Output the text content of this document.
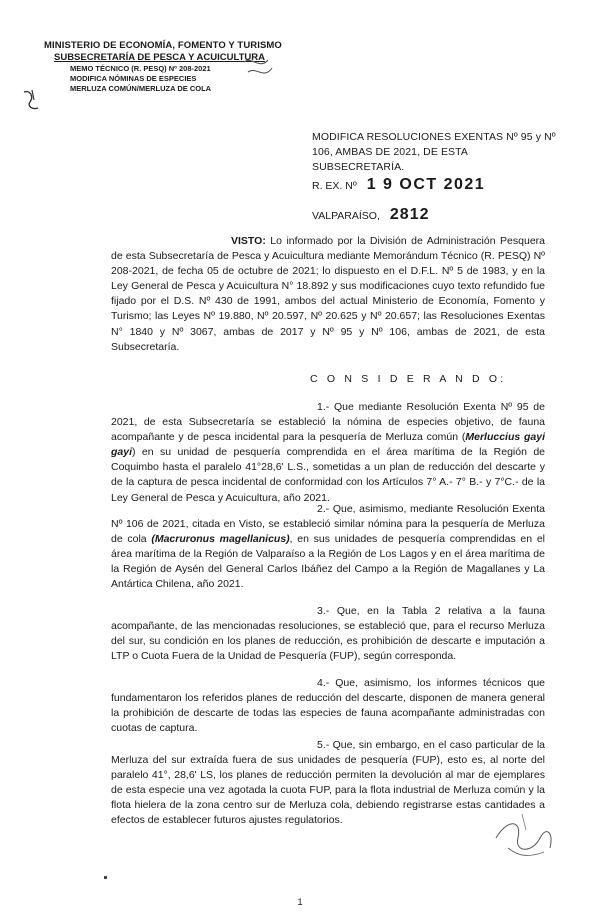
MINISTERIO DE ECONOMÍA, FOMENTO Y TURISMO
SUBSECRETARÍA DE PESCA Y ACUICULTURA
MEMO TÉCNICO (R. PESQ) Nº 208-2021
MODIFICA NÓMINAS DE ESPECIES
MERLUZA COMÚN/MERLUZA DE COLA
MODIFICA RESOLUCIONES EXENTAS Nº 95 y Nº 106, AMBAS DE 2021, DE ESTA SUBSECRETARÍA.
R. EX. Nº 1 9 OCT 2021
VALPARAÍSO, 2812
VISTO: Lo informado por la División de Administración Pesquera de esta Subsecretaría de Pesca y Acuicultura mediante Memorándum Técnico (R. PESQ) Nº 208-2021, de fecha 05 de octubre de 2021; lo dispuesto en el D.F.L. Nº 5 de 1983, y en la Ley General de Pesca y Acuicultura N° 18.892 y sus modificaciones cuyo texto refundido fue fijado por el D.S. Nº 430 de 1991, ambos del actual Ministerio de Economía, Fomento y Turismo; las Leyes Nº 19.880, Nº 20.597, Nº 20.625 y Nº 20.657; las Resoluciones Exentas N° 1840 y Nº 3067, ambas de 2017 y Nº 95 y Nº 106, ambas de 2021, de esta Subsecretaría.
C O N S I D E R A N D O:
1.- Que mediante Resolución Exenta Nº 95 de 2021, de esta Subsecretaría se estableció la nómina de especies objetivo, de fauna acompañante y de pesca incidental para la pesquería de Merluza común (Merluccius gayi gayi) en su unidad de pesquería comprendida en el área marítima de la Región de Coquimbo hasta el paralelo 41°28,6' L.S., sometidas a un plan de reducción del descarte y de la captura de pesca incidental de conformidad con los Artículos 7° A.- 7° B.- y 7°C.- de la Ley General de Pesca y Acuicultura, año 2021.
2.- Que, asimismo, mediante Resolución Exenta Nº 106 de 2021, citada en Visto, se estableció similar nómina para la pesquería de Merluza de cola (Macruronus magellanicus), en sus unidades de pesquería comprendidas en el área marítima de la Región de Valparaíso a la Región de Los Lagos y en el área marítima de la Región de Aysén del General Carlos Ibáñez del Campo a la Región de Magallanes y La Antártica Chilena, año 2021.
3.- Que, en la Tabla 2 relativa a la fauna acompañante, de las mencionadas resoluciones, se estableció que, para el recurso Merluza del sur, su condición en los planes de reducción, es prohibición de descarte e imputación a LTP o Cuota Fuera de la Unidad de Pesquería (FUP), según corresponda.
4.- Que, asimismo, los informes técnicos que fundamentaron los referidos planes de reducción del descarte, disponen de manera general la prohibición de descarte de todas las especies de fauna acompañante administradas con cuotas de captura.
5.- Que, sin embargo, en el caso particular de la Merluza del sur extraída fuera de sus unidades de pesquería (FUP), esto es, al norte del paralelo 41°, 28,6' LS, los planes de reducción permiten la devolución al mar de ejemplares de esta especie una vez agotada la cuota FUP, para la flota industrial de Merluza común y la flota hielera de la zona centro sur de Merluza cola, debiendo registrarse estas cantidades a efectos de establecer futuros ajustes regulatorios.
1
